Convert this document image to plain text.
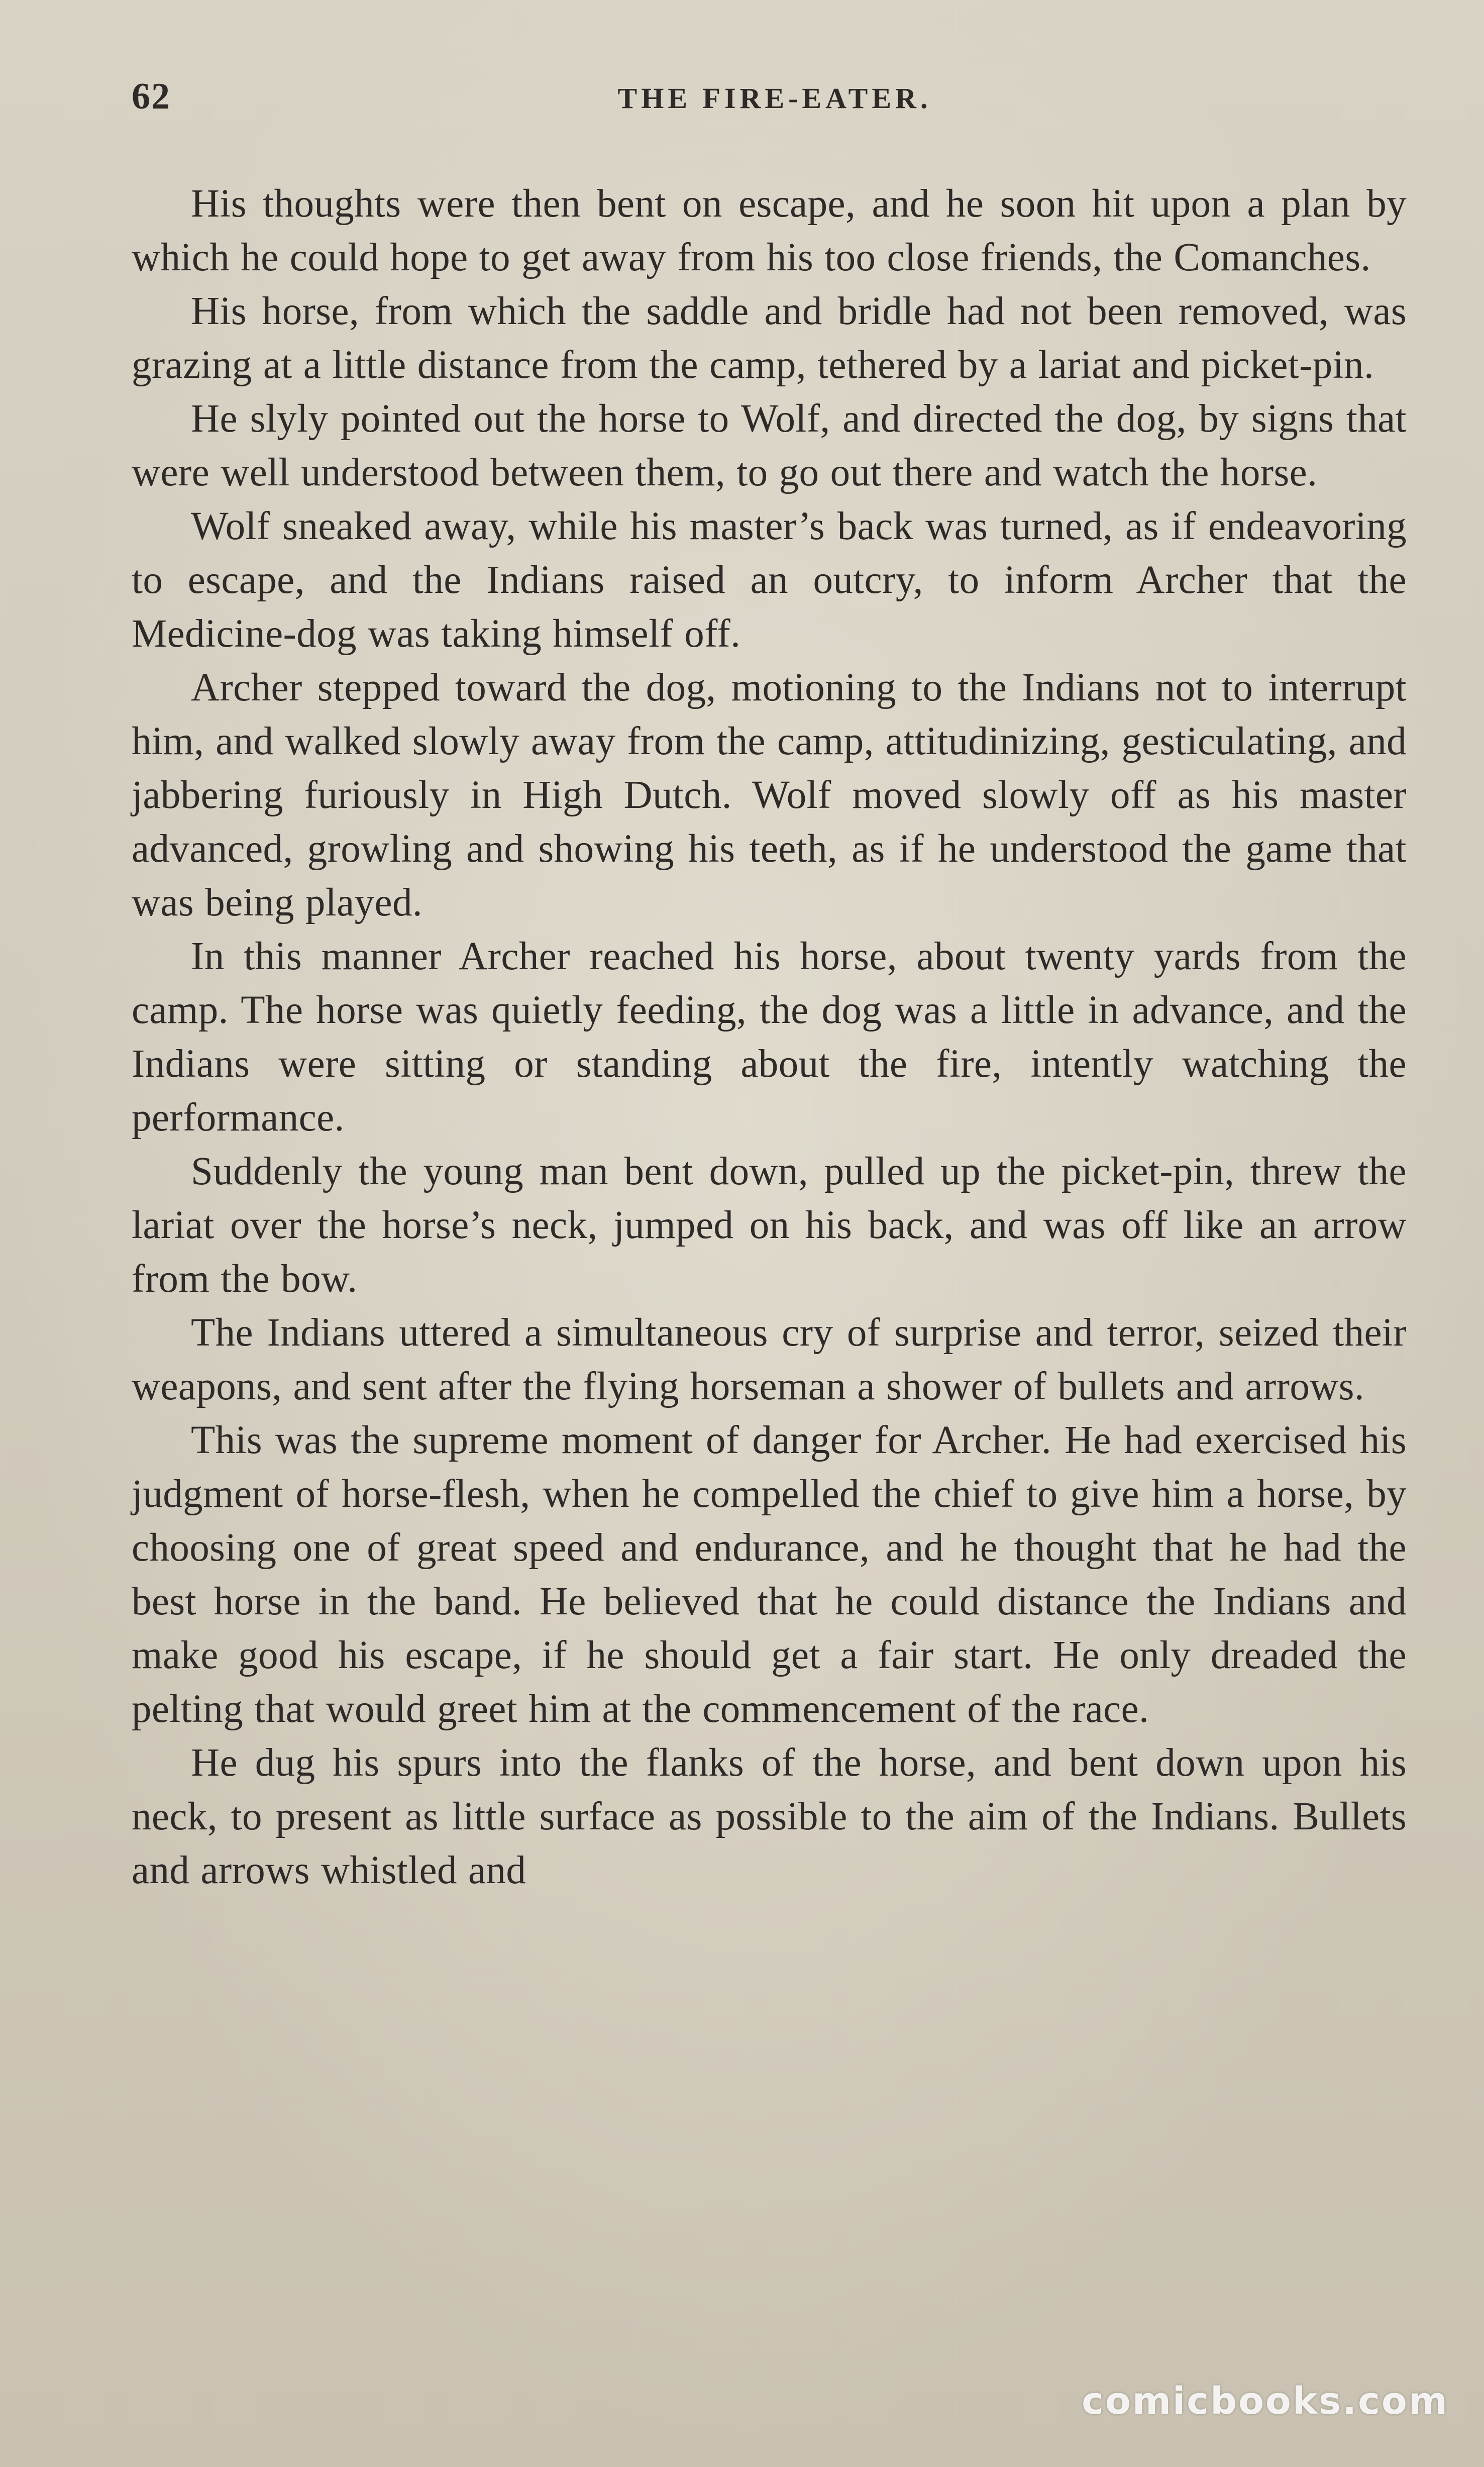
62	THE FIRE-EATER.

His thoughts were then bent on escape, and he soon hit upon a plan by which he could hope to get away from his too close friends, the Comanches.

His horse, from which the saddle and bridle had not been removed, was grazing at a little distance from the camp, tethered by a lariat and picket-pin.

He slyly pointed out the horse to Wolf, and directed the dog, by signs that were well understood between them, to go out there and watch the horse.

Wolf sneaked away, while his master’s back was turned, as if endeavoring to escape, and the Indians raised an outcry, to inform Archer that the Medicine-dog was taking himself off.

Archer stepped toward the dog, motioning to the Indians not to interrupt him, and walked slowly away from the camp, attitudinizing, gesticulating, and jabbering furiously in High Dutch. Wolf moved slowly off as his master advanced, growling and showing his teeth, as if he understood the game that was being played.

In this manner Archer reached his horse, about twenty yards from the camp. The horse was quietly feeding, the dog was a little in advance, and the Indians were sitting or standing about the fire, intently watching the performance.

Suddenly the young man bent down, pulled up the picket-pin, threw the lariat over the horse’s neck, jumped on his back, and was off like an arrow from the bow.

The Indians uttered a simultaneous cry of surprise and terror, seized their weapons, and sent after the flying horseman a shower of bullets and arrows.

This was the supreme moment of danger for Archer. He had exercised his judgment of horse-flesh, when he compelled the chief to give him a horse, by choosing one of great speed and endurance, and he thought that he had the best horse in the band. He believed that he could distance the Indians and make good his escape, if he should get a fair start. He only dreaded the pelting that would greet him at the commencement of the race.

He dug his spurs into the flanks of the horse, and bent down upon his neck, to present as little surface as possible to the aim of the Indians. Bullets and arrows whistled and

comicbooks.com
